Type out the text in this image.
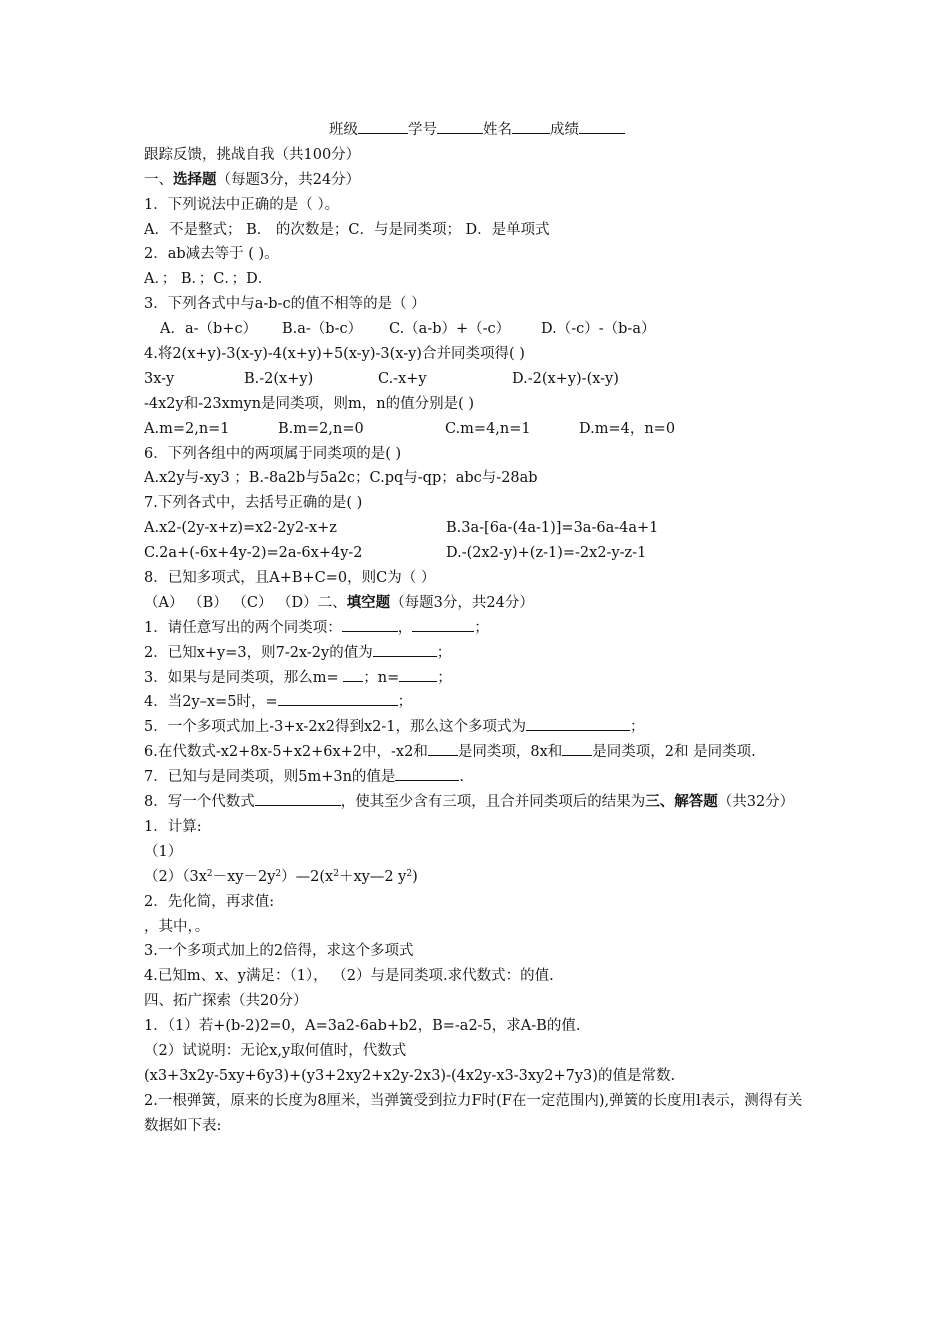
班级	学号	姓名	成绩
跟踪反馈，挑战自我（共100分）
一、选择题（每题3分，共24分）
1．下列说法中正确的是（ ）。
A．不是整式； B． 的次数是；C．与是同类项； D．是单项式
2．ab减去等于 ( )。
A．； B．；C．；D．
3．下列各式中与a-b-c的值不相等的是（ ）
A．a-（b+c） B.a-（b-c） C.（a-b）+（-c） D.（-c）-（b-a）
4.将2(x+y)-3(x-y)-4(x+y)+5(x-y)-3(x-y)合并同类项得( )
3x-y	B.-2(x+y)	C.-x+y	D.-2(x+y)-(x-y)
-4x2y和-23xmyn是同类项，则m，n的值分别是( )
A.m=2,n=1	B.m=2,n=0	C.m=4,n=1	D.m=4，n=0
6．下列各组中的两项属于同类项的是( )
A.x2y与-xy3 ；B.-8a2b与5a2c；C.pq与-qp；abc与-28ab
7.下列各式中，去括号正确的是( )
A.x2-(2y-x+z)=x2-2y2-x+z	B.3a-[6a-(4a-1)]=3a-6a-4a+1
C.2a+(-6x+4y-2)=2a-6x+4y-2	D.-(2x2-y)+(z-1)=-2x2-y-z-1
8．已知多项式，且A+B+C=0，则C为（ ）
（A） （B） （C） （D）二、填空题（每题3分，共24分）
1．请任意写出的两个同类项：	，	；
2．已知x+y=3，则7-2x-2y的值为	；
3．如果与是同类项，那么m= ；n=	；
4．当2y–x=5时，=	；
5．一个多项式加上-3+x-2x2得到x2-1，那么这个多项式为	；
6.在代数式-x2+8x-5+x2+6x+2中，-x2和 是同类项，8x和 是同类项，2和 是同类项.
7．已知与是同类项，则5m+3n的值是	.
8．写一个代数式	，使其至少含有三项，且合并同类项后的结果为三、解答题（共32分）
1．计算:
（1）
$(2)(3x^2-xy-2y^2)—2(x^2+xy—2$ $y^2$)
2．先化简，再求值:
，其中，。
3.一个多项式加上的2倍得，求这个多项式
4.已知m、x、y满足：（1）， （2）与是同类项.求代数式：的值.
四、拓广探索（共20分）
1．（1）若+(b-2)2=0，A=3a2-6ab+b2，B=-a2-5，求A-B的值.
（2）试说明：无论x,y取何值时，代数式
(x3+3x2y-5xy+6y3)+(y3+2xy2+x2y-2x3)-(4x2y-x3-3xy2+7y3)的值是常数.
2.一根弹簧，原来的长度为8厘米，当弹簧受到拉力F时(F在一定范围内),弹簧的长度用l表示，测得有关数据如下表:
